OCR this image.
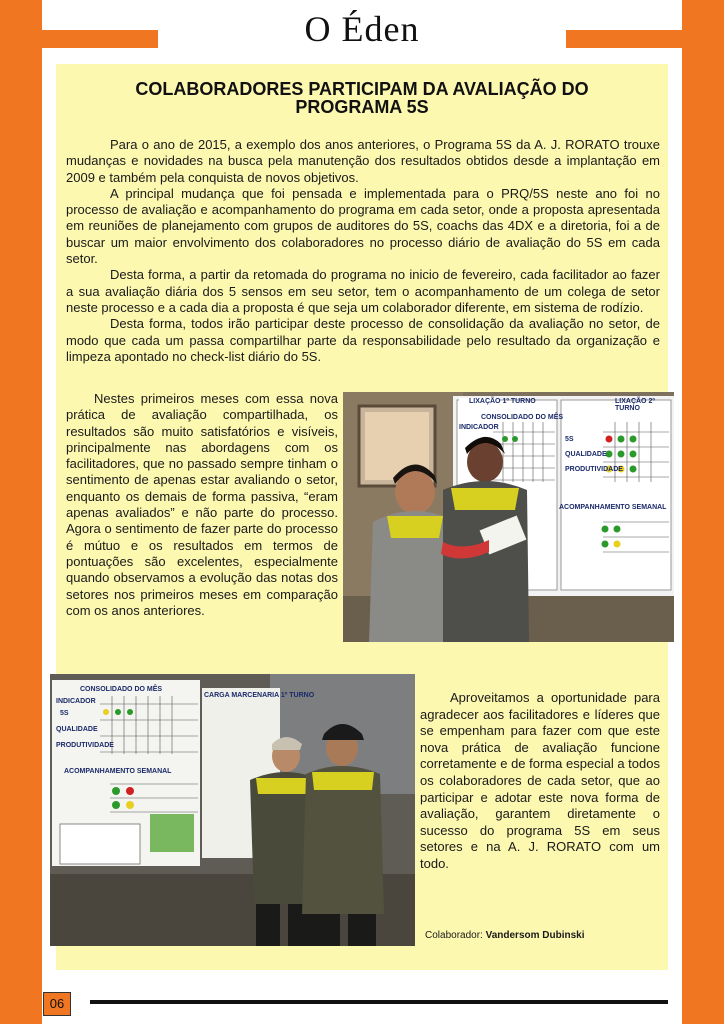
O Éden
COLABORADORES PARTICIPAM DA AVALIAÇÃO DO PROGRAMA 5S

Para o ano de 2015, a exemplo dos anos anteriores, o Programa 5S da A. J. RORATO trouxe mudanças e novidades na busca pela manutenção dos resultados obtidos desde a implantação em 2009 e também pela conquista de novos objetivos.

A principal mudança que foi pensada e implementada para o PRQ/5S neste ano foi no processo de avaliação e acompanhamento do programa em cada setor, onde a proposta apresentada em reuniões de planejamento com grupos de auditores do 5S, coachs das 4DX e a diretoria, foi a de buscar um maior envolvimento dos colaboradores no processo diário de avaliação do 5S em cada setor.

Desta forma, a partir da retomada do programa no inicio de fevereiro, cada facilitador ao fazer a sua avaliação diária dos 5 sensos em seu setor, tem o acompanhamento de um colega de setor neste processo e a cada dia a proposta é que seja um colaborador diferente, em sistema de rodízio.

Desta forma, todos irão participar deste processo de consolidação da avaliação no setor, de modo que cada um passa compartilhar parte da responsabilidade pelo resultado da organização e limpeza apontado no check-list diário do 5S.

Nestes primeiros meses com essa nova prática de avaliação compartilhada, os resultados são muito satisfatórios e visíveis, principalmente nas abordagens com os facilitadores, que no passado sempre tinham o sentimento de apenas estar avaliando o setor, enquanto os demais de forma passiva, “eram apenas avaliados” e não parte do processo. Agora o sentimento de fazer parte do processo é mútuo e os resultados em termos de pontuações são excelentes, especialmente quando observamos a evolução das notas dos setores nos primeiros meses em comparação com os anos anteriores.

LIXAÇÃO 1º TURNO
CONSOLIDADO DO MÊS
INDICADOR
5S
QUALIDADE
PRODUTIVIDADE
ACOMPANHAMENTO SEMANAL
LIXAÇÃO 2º TURNO
CONSOLIDADO DO MÊS
INDICADOR
5S
QUALIDADE
PRODUTIVIDADE
ACOMPANHAMENTO SEMANAL
CARGA MARCENARIA 1º TURNO	Aproveitamos a oportunidade para agradecer aos facilitadores e líderes que se empenham para fazer com que este nova prática de avaliação funcione corretamente e de forma especial a todos os colaboradores de cada setor, que ao participar e adotar este nova forma de avaliação, garantem diretamente o sucesso do programa 5S em seus setores e na A. J. RORATO com um todo.

Colaborador: Vandersom Dubinski
06
